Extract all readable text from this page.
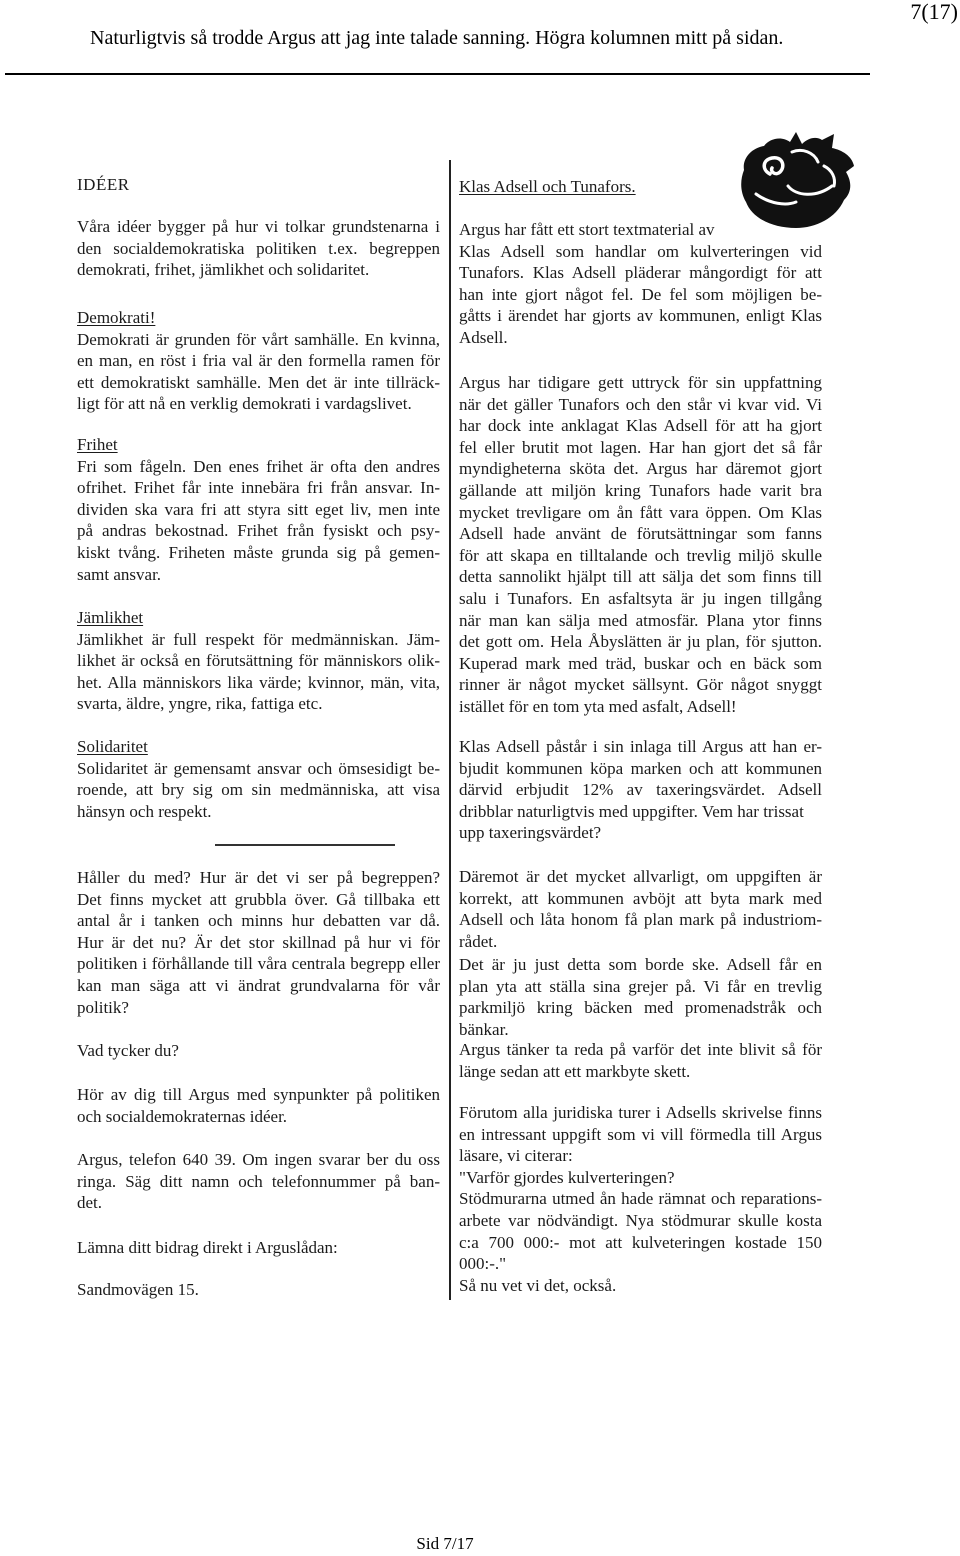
Naturligtvis så trodde Argus att jag inte talade sanning. Högra kolumnen mitt på sidan.
7(17)
IDÉER
Våra idéer bygger på hur vi tolkar grundstenarna i
den socialdemokratiska politiken t.ex. begreppen
demokrati, frihet, jämlikhet och solidaritet.
Demokrati!
Demokrati är grunden för vårt samhälle. En kvinna,
en man, en röst i fria val är den formella ramen för
ett demokratiskt samhälle. Men det är inte tillräck-
ligt för att nå en verklig demokrati i vardagslivet.
Frihet
Fri som fågeln. Den enes frihet är ofta den andres
ofrihet. Frihet får inte innebära fri från ansvar. In-
dividen ska vara fri att styra sitt eget liv, men inte
på andras bekostnad. Frihet från fysiskt och psy-
kiskt tvång. Friheten måste grunda sig på gemen-
samt ansvar.
Jämlikhet
Jämlikhet är full respekt för medmänniskan. Jäm-
likhet är också en förutsättning för människors olik-
het. Alla människors lika värde; kvinnor, män, vita,
svarta, äldre, yngre, rika, fattiga etc.
Solidaritet
Solidaritet är gemensamt ansvar och ömsesidigt be-
roende, att bry sig om sin medmänniska, att visa
hänsyn och respekt.
Håller du med? Hur är det vi ser på begreppen?
Det finns mycket att grubbla över. Gå tillbaka ett
antal år i tanken och minns hur debatten var då.
Hur är det nu? Är det stor skillnad på hur vi för
politiken i förhållande till våra centrala begrepp eller
kan man säga att vi ändrat grundvalarna för vår
politik?
Vad tycker du?
Hör av dig till Argus med synpunkter på politiken
och socialdemokraternas idéer.
Argus, telefon 640 39. Om ingen svarar ber du oss
ringa. Säg ditt namn och telefonnummer på ban-
det.
Lämna ditt bidrag direkt i Arguslådan:
Sandmovägen 15.
Klas Adsell och Tunafors.
Argus har fått ett stort textmaterial av
Klas Adsell som handlar om kulverteringen vid
Tunafors. Klas Adsell pläderar mångordigt för att
han inte gjort något fel. De fel som möjligen be-
gåtts i ärendet har gjorts av kommunen, enligt Klas
Adsell.
Argus har tidigare gett uttryck för sin uppfattning
när det gäller Tunafors och den står vi kvar vid. Vi
har dock inte anklagat Klas Adsell för att ha gjort
fel eller brutit mot lagen. Har han gjort det så får
myndigheterna sköta det. Argus har däremot gjort
gällande att miljön kring Tunafors hade varit bra
mycket trevligare om ån fått vara öppen. Om Klas
Adsell hade använt de förutsättningar som fanns
för att skapa en tilltalande och trevlig miljö skulle
detta sannolikt hjälpt till att sälja det som finns till
salu i Tunafors. En asfaltsyta är ju ingen tillgång
när man kan sälja med atmosfär. Plana ytor finns
det gott om. Hela Åbyslätten är ju plan, för sjutton.
Kuperad mark med träd, buskar och en bäck som
rinner är något mycket sällsynt. Gör något snyggt
istället för en tom yta med asfalt, Adsell!
Klas Adsell påstår i sin inlaga till Argus att han er-
bjudit kommunen köpa marken och att kommunen
därvid erbjudit 12% av taxeringsvärdet. Adsell
dribblar naturligtvis med uppgifter. Vem har trissat
upp taxeringsvärdet?
Däremot är det mycket allvarligt, om uppgiften är
korrekt, att kommunen avböjt att byta mark med
Adsell och låta honom få plan mark på industriom-
rådet.
Det är ju just detta som borde ske. Adsell får en
plan yta att ställa sina grejer på. Vi får en trevlig
parkmiljö kring bäcken med promenadstråk och
bänkar.
Argus tänker ta reda på varför det inte blivit så för
länge sedan att ett markbyte skett.
Förutom alla juridiska turer i Adsells skrivelse finns
en intressant uppgift som vi vill förmedla till Argus
läsare, vi citerar:
"Varför gjordes kulverteringen?
Stödmurarna utmed ån hade rämnat och reparations-
arbete var nödvändigt. Nya stödmurar skulle kosta
c:a 700 000:- mot att kulveteringen kostade 150
000:-."
Så nu vet vi det, också.
Sid 7/17
